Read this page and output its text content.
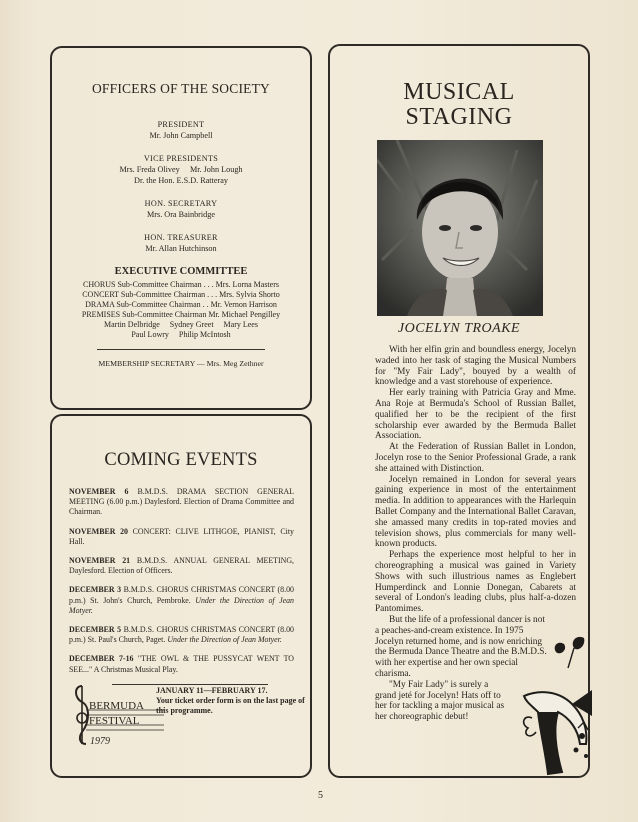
OFFICERS OF THE SOCIETY
PRESIDENT
Mr. John Campbell
VICE PRESIDENTS
Mrs. Freda Olivey     Mr. John Lough
Dr. the Hon. E.S.D. Ratteray
HON. SECRETARY
Mrs. Ora Bainbridge
HON. TREASURER
Mr. Allan Hutchinson
EXECUTIVE COMMITTEE
CHORUS Sub-Committee Chairman . . . Mrs. Lorna Masters
CONCERT Sub-Committee Chairman . . . Mrs. Sylvia Shorto
DRAMA Sub-Committee Chairman . . Mr. Vernon Harrison
PREMISES Sub-Committee Chairman Mr. Michael Pengilley
Martin Delbridge     Sydney Greet     Mary Lees
Paul Lowry     Philip McIntosh
MEMBERSHIP SECRETARY — Mrs. Meg Zethner
COMING EVENTS
NOVEMBER 6 B.M.D.S. DRAMA SECTION GENERAL MEETING (6.00 p.m.) Daylesford. Election of Drama Committee and Chairman.
NOVEMBER 20 CONCERT: CLIVE LITHGOE, PIANIST, City Hall.
NOVEMBER 21 B.M.D.S. ANNUAL GENERAL MEETING, Daylesford. Election of Officers.
DECEMBER 3 B.M.D.S. CHORUS CHRISTMAS CONCERT (8.00 p.m.) St. John's Church, Pembroke. Under the Direction of Jean Motyer.
DECEMBER 5 B.M.D.S. CHORUS CHRISTMAS CONCERT (8.00 p.m.) St. Paul's Church, Paget. Under the Direction of Jean Motyer.
DECEMBER 7-16 "THE OWL & THE PUSSYCAT WENT TO SEE..." A Christmas Musical Play.
BERMUDA
FESTIVAL
1979
JANUARY 11—FEBRUARY 17.
Your ticket order form is on the last page of this programme.
MUSICAL
STAGING
JOCELYN TROAKE

With her elfin grin and boundless energy, Jocelyn waded into her task of staging the Musical Numbers for "My Fair Lady", bouyed by a wealth of knowledge and a vast storehouse of experience.

Her early training with Patricia Gray and Mme. Ana Roje at Bermuda's School of Russian Ballet, qualified her to be the recipient of the first scholarship ever awarded by the Bermuda Ballet Association.

At the Federation of Russian Ballet in London, Jocelyn rose to the Senior Professional Grade, a rank she attained with Distinction.

Jocelyn remained in London for several years gaining experience in most of the entertainment media. In addition to appearances with the Harlequin Ballet Company and the International Ballet Caravan, she amassed many credits in top-rated movies and television shows, plus commercials for many well-known products.

Perhaps the experience most helpful to her in choreographing a musical was gained in Variety Shows with such illustrious names as Englebert Humperdinck and Lonnie Donegan, Cabarets at several of London's leading clubs, plus half-a-dozen Pantomimes.

But the life of a professional dancer is not a peaches-and-cream existence. In 1975 Jocelyn returned home, and is now enriching the Bermuda Dance Theatre and the B.M.D.S. with her expertise and her own special charisma.

"My Fair Lady" is surely a grand jeté for Jocelyn! Hats off to her for tackling a major musical as her choreographic debut!

5
